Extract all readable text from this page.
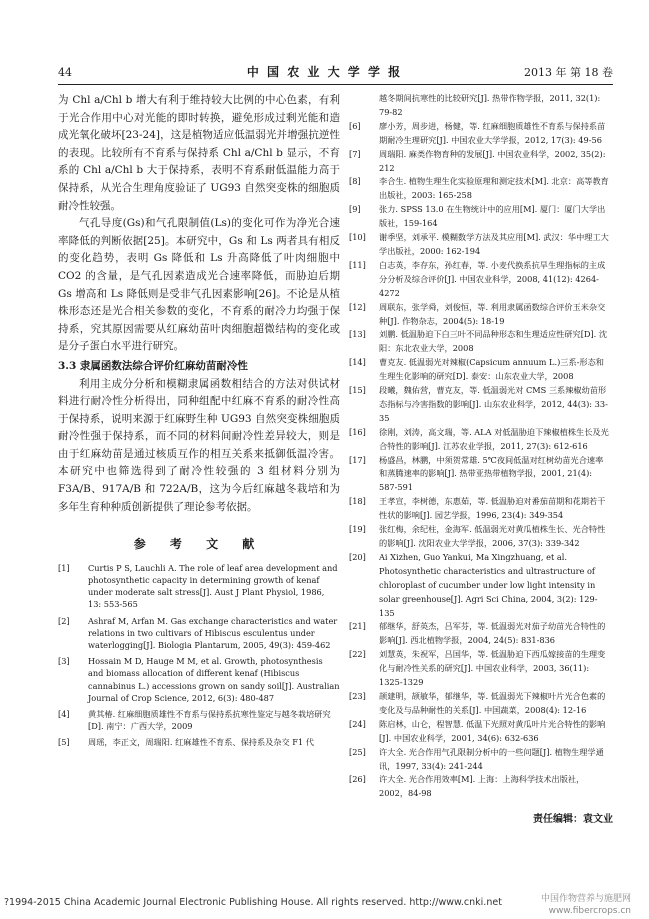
44	中 国 农 业 大 学 学 报	2013 年 第 18 卷

为 Chl a/Chl b 增大有利于维持较大比例的中心色素，有利于光合作用中心对光能的即时转换，避免形成过剩光能和造成光氧化破坏[23-24]，这是植物适应低温弱光并增强抗逆性的表现。比较所有不育系与保持系 Chl a/Chl b 显示，不育系的 Chl a/Chl b 大于保持系，表明不育系耐低温能力高于保持系，从光合生理角度验证了 UG93 自然突变株的细胞质耐冷性较强。

气孔导度(Gs)和气孔限制值(Ls)的变化可作为净光合速率降低的判断依据[25]。本研究中，Gs 和 Ls 两者具有相反的变化趋势，表明 Gs 降低和 Ls 升高降低了叶肉细胞中 CO2 的含量，是气孔因素造成光合速率降低，而胁迫后期 Gs 增高和 Ls 降低则是受非气孔因素影响[26]。不论是从植株形态还是光合相关参数的变化，不育系的耐冷力均强于保持系，究其原因需要从红麻幼苗叶肉细胞超微结构的变化或是分子蛋白水平进行研究。

3.3 隶属函数法综合评价红麻幼苗耐冷性

利用主成分分析和模糊隶属函数相结合的方法对供试材料进行耐冷性分析得出，同种组配中红麻不育系的耐冷性高于保持系，说明来源于红麻野生种 UG93 自然突变株细胞质耐冷性强于保持系，而不同的材料间耐冷性差异较大，则是由于红麻幼苗是通过核质互作的相互关系来抵御低温冷害。本研究中也筛选得到了耐冷性较强的 3 组材料分别为 F3A/B、917A/B 和 722A/B，这为今后红麻越冬栽培和为多年生育种种质创新提供了理论参考依据。

参 考 文 献
[1]	Curtis P S, Lauchli A. The role of leaf area development and photosynthetic capacity in determining growth of kenaf under moderate salt stress[J]. Aust J Plant Physiol, 1986, 13: 553-565
[2]	Ashraf M, Arfan M. Gas exchange characteristics and water relations in two cultivars of Hibiscus esculentus under waterlogging[J]. Biologia Plantarum, 2005, 49(3): 459-462
[3]	Hossain M D, Hauge M M, et al. Growth, photosynthesis and biomass allocation of different kenaf (Hibiscus cannabinus L.) accessions grown on sandy soil[J]. Australian Journal of Crop Science, 2012, 6(3): 480-487
[4]	黄其椿. 红麻细胞质雄性不育系与保持系抗寒性鉴定与越冬栽培研究[D]. 南宁：广西大学，2009
[5]	周瑶，李正文，周瑞阳. 红麻雄性不育系、保持系及杂交 F1 代
越冬期间抗寒性的比较研究[J]. 热带作物学报，2011, 32(1): 79-82
[6]	廖小芳，周步进，杨健，等. 红麻细胞质雄性不育系与保持系苗期耐冷生理研究[J]. 中国农业大学学报，2012, 17(3): 49-56
[7]	周瑞阳. 麻类作物育种的发展[J]. 中国农业科学，2002, 35(2): 212
[8]	李合生. 植物生理生化实验原理和测定技术[M]. 北京：高等教育出版社，2003: 165-258
[9]	张力. SPSS 13.0 在生物统计中的应用[M]. 厦门：厦门大学出版社，159-164
[10]	谢季坚，刘承平. 模糊数学方法及其应用[M]. 武汉：华中理工大学出版社，2000: 162-194
[11]	白志英，李存东，孙红春，等. 小麦代换系抗旱生理指标的主成分分析及综合评价[J]. 中国农业科学，2008, 41(12): 4264-4272
[12]	周联东，张学舜，刘俊恒，等. 利用隶属函数综合评价玉米杂交种[J]. 作物杂志，2004(5): 18-19
[13]	刘鹏. 低温胁迫下白三叶不同品种形态和生理适应性研究[D]. 沈阳：东北农业大学，2008
[14]	曹克友. 低温弱光对辣椒(Capsicum annuum L.)三系-形态和生理生化影响的研究[D]. 泰安：山东农业大学，2008
[15]	段曦，魏佑营，曹克友，等. 低温弱光对 CMS 三系辣椒幼苗形态指标与冷害指数的影响[J]. 山东农业科学，2012, 44(3): 33-35
[16]	徐刚，刘涛，高文瑞，等. ALA 对低温胁迫下辣椒植株生长及光合特性的影响[J]. 江苏农业学报，2011, 27(3): 612-616
[17]	杨盛昌，林鹏，中须贺常雄. 5℃夜间低温对红树幼苗光合速率和蒸腾速率的影响[J]. 热带亚热带植物学报，2001, 21(4): 587-591
[18]	王孝宣，李树德，东惠茹，等. 低温胁迫对番茄苗期和花期若干性状的影响[J]. 园艺学报，1996, 23(4): 349-354
[19]	张红梅，余纪柱，金海军. 低温弱光对黄瓜植株生长、光合特性的影响[J]. 沈阳农业大学学报，2006, 37(3): 339-342
[20]	Ai Xizhen, Guo Yankui, Ma Xingzhuang, et al. Photosynthetic characteristics and ultrastructure of chloroplast of cucumber under low light intensity in solar greenhouse[J]. Agri Sci China, 2004, 3(2): 129-135
[21]	郁继华，舒英杰，吕军芬，等. 低温弱光对茄子幼苗光合特性的影响[J]. 西北植物学报，2004, 24(5): 831-836
[22]	刘慧英，朱祝军，吕国华，等. 低温胁迫下西瓜嫁接苗的生理变化与耐冷性关系的研究[J]. 中国农业科学，2003, 36(11): 1325-1329
[23]	颉建明，颉敏华，郁继华，等. 低温弱光下辣椒叶片光合色素的变化及与品种耐性的关系[J]. 中国蔬菜，2008(4): 12-16
[24]	陈启林，山仑，程智慧. 低温下光照对黄瓜叶片光合特性的影响[J]. 中国农业科学，2001, 34(6): 632-636
[25]	许大全. 光合作用气孔限制分析中的一些问题[J]. 植物生理学通讯，1997, 33(4): 241-244
[26]	许大全. 光合作用效率[M]. 上海：上海科学技术出版社，2002，84-98
责任编辑：袁文业
?1994-2015 China Academic Journal Electronic Publishing House. All rights reserved. http://www.cnki.net	中国作物营养与施肥网
www.fibercrops.cn
